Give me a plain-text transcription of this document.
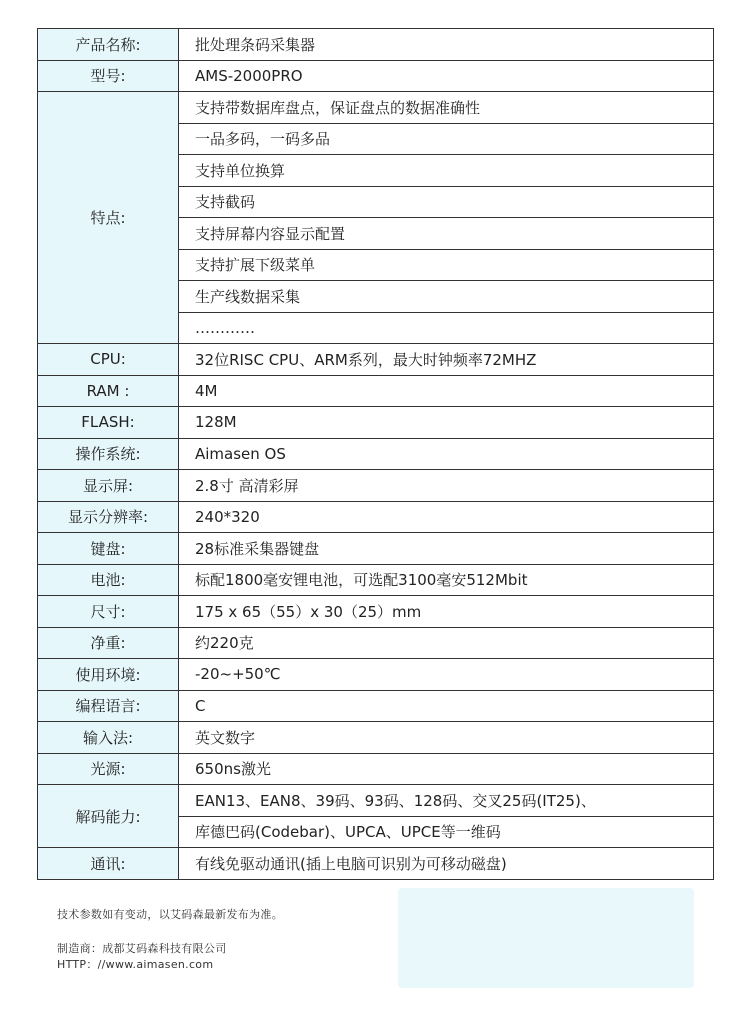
产品名称:	批处理条码采集器
型号:	AMS-2000PRO
特点:	支持带数据库盘点，保证盘点的数据准确性
	一品多码，一码多品
	支持单位换算
	支持截码
	支持屏幕内容显示配置
	支持扩展下级菜单
	生产线数据采集
	…………
CPU:	32位RISC CPU、ARM系列，最大时钟频率72MHZ
RAM :	4M
FLASH:	128M
操作系统:	Aimasen OS
显示屏:	2.8寸 高清彩屏
显示分辨率:	240*320
键盘:	28标准采集器键盘
电池:	标配1800毫安锂电池，可选配3100毫安512Mbit
尺寸:	175 x 65（55）x 30（25）mm
净重:	约220克
使用环境:	-20~+50℃
编程语言:	C
输入法:	英文数字
光源:	650ns激光
解码能力:	EAN13、EAN8、39码、93码、128码、交叉25码(IT25)、
	库德巴码(Codebar)、UPCA、UPCE等一维码
通讯:	有线免驱动通讯(插上电脑可识别为可移动磁盘)
技术参数如有变动，以艾码森最新发布为准。
制造商：成都艾码森科技有限公司
HTTP：//www.aimasen.com
